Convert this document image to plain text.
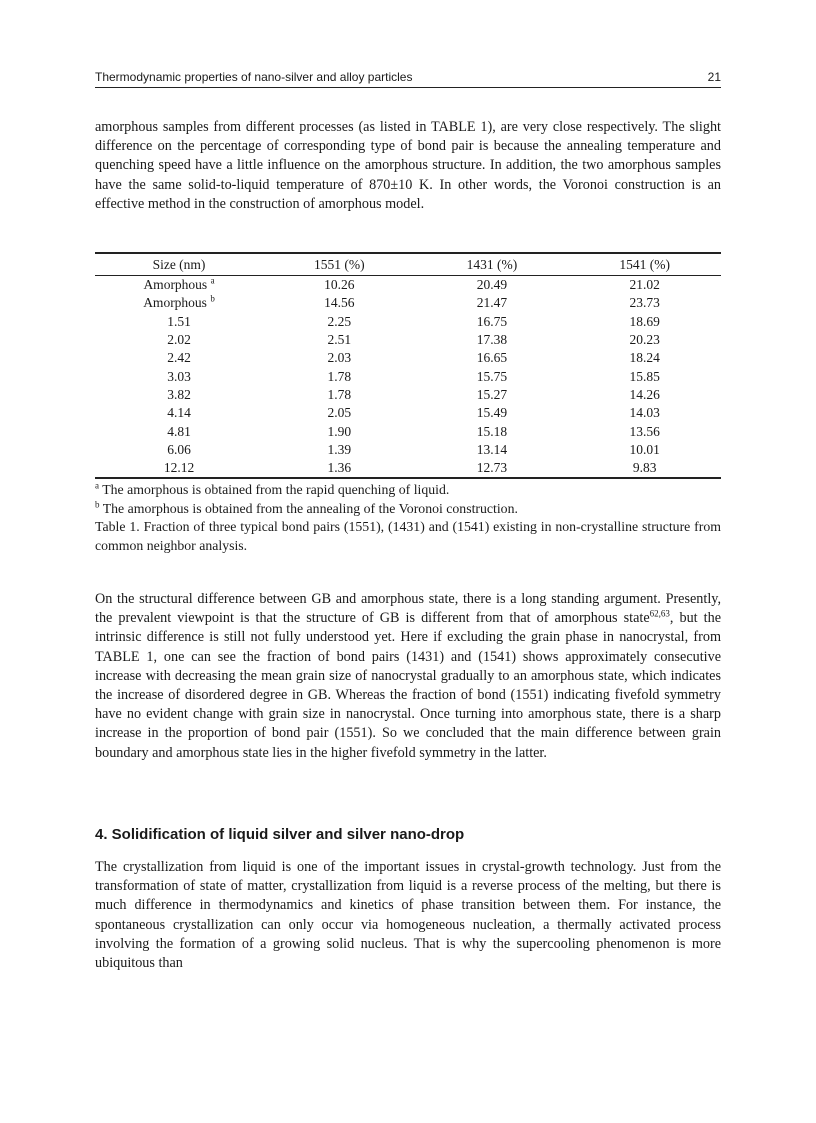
Thermodynamic properties of nano-silver and alloy particles	21

amorphous samples from different processes (as listed in TABLE 1), are very close respectively. The slight difference on the percentage of corresponding type of bond pair is because the annealing temperature and quenching speed have a little influence on the amorphous structure. In addition, the two amorphous samples have the same solid-to-liquid temperature of 870±10 K. In other words, the Voronoi construction is an effective method in the construction of amorphous model.

Size (nm)	1551 (%)	1431 (%)	1541 (%)
Amorphous $^a$	10.26	20.49	21.02
Amorphous $^b$	14.56	21.47	23.73
1.51	2.25	16.75	18.69
2.02	2.51	17.38	20.23
2.42	2.03	16.65	18.24
3.03	1.78	15.75	15.85
3.82	1.78	15.27	14.26
4.14	2.05	15.49	14.03
4.81	1.90	15.18	13.56
6.06	1.39	13.14	10.01
12.12	1.36	12.73	9.83
$^a$ The amorphous is obtained from the rapid quenching of liquid.
$^b$ The amorphous is obtained from the annealing of the Voronoi construction.
Table 1. Fraction of three typical bond pairs (1551), (1431) and (1541) existing in non-crystalline structure from common neighbor analysis.

On the structural difference between GB and amorphous state, there is a long standing argument. Presently, the prevalent viewpoint is that the structure of GB is different from that of amorphous state$^{62,63}$, but the intrinsic difference is still not fully understood yet. Here if excluding the grain phase in nanocrystal, from TABLE 1, one can see the fraction of bond pairs (1431) and (1541) shows approximately consecutive increase with decreasing the mean grain size of nanocrystal gradually to an amorphous state, which indicates the increase of disordered degree in GB. Whereas the fraction of bond (1551) indicating fivefold symmetry have no evident change with grain size in nanocrystal. Once turning into amorphous state, there is a sharp increase in the proportion of bond pair (1551). So we concluded that the main difference between grain boundary and amorphous state lies in the higher fivefold symmetry in the latter.

4. Solidification of liquid silver and silver nano-drop

The crystallization from liquid is one of the important issues in crystal-growth technology. Just from the transformation of state of matter, crystallization from liquid is a reverse process of the melting, but there is much difference in thermodynamics and kinetics of phase transition between them. For instance, the spontaneous crystallization can only occur via homogeneous nucleation, a thermally activated process involving the formation of a growing solid nucleus. That is why the supercooling phenomenon is more ubiquitous than
